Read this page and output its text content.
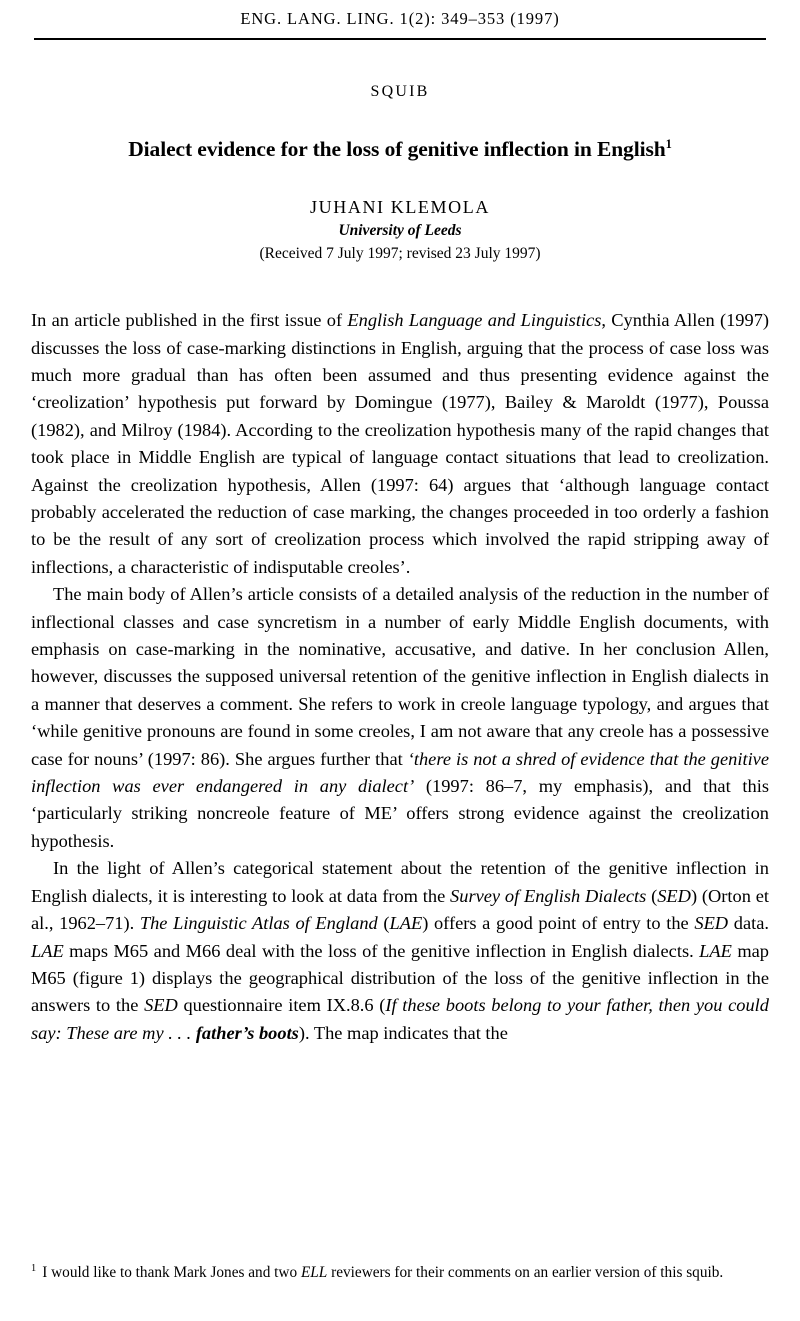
ENG. LANG. LING. 1(2): 349–353 (1997)
SQUIB
Dialect evidence for the loss of genitive inflection in English$^1$
JUHANI KLEMOLA
University of Leeds
(Received 7 July 1997; revised 23 July 1997)

In an article published in the first issue of English Language and Linguistics, Cynthia Allen (1997) discusses the loss of case-marking distinctions in English, arguing that the process of case loss was much more gradual than has often been assumed and thus presenting evidence against the ‘creolization’ hypothesis put forward by Domingue (1977), Bailey & Maroldt (1977), Poussa (1982), and Milroy (1984). According to the creolization hypothesis many of the rapid changes that took place in Middle English are typical of language contact situations that lead to creolization. Against the creolization hypothesis, Allen (1997: 64) argues that ‘although language contact probably accelerated the reduction of case marking, the changes proceeded in too orderly a fashion to be the result of any sort of creolization process which involved the rapid stripping away of inflections, a characteristic of indisputable creoles’.

The main body of Allen’s article consists of a detailed analysis of the reduction in the number of inflectional classes and case syncretism in a number of early Middle English documents, with emphasis on case-marking in the nominative, accusative, and dative. In her conclusion Allen, however, discusses the supposed universal retention of the genitive inflection in English dialects in a manner that deserves a comment. She refers to work in creole language typology, and argues that ‘while genitive pronouns are found in some creoles, I am not aware that any creole has a possessive case for nouns’ (1997: 86). She argues further that ‘there is not a shred of evidence that the genitive inflection was ever endangered in any dialect’ (1997: 86–7, my emphasis), and that this ‘particularly striking noncreole feature of ME’ offers strong evidence against the creolization hypothesis.

In the light of Allen’s categorical statement about the retention of the genitive inflection in English dialects, it is interesting to look at data from the Survey of English Dialects (SED) (Orton et al., 1962–71). The Linguistic Atlas of England (LAE) offers a good point of entry to the SED data. LAE maps M65 and M66 deal with the loss of the genitive inflection in English dialects. LAE map M65 (figure 1) displays the geographical distribution of the loss of the genitive inflection in the answers to the SED questionnaire item IX.8.6 (If these boots belong to your father, then you could say: These are my . . . father’s boots). The map indicates that the

$^1$ I would like to thank Mark Jones and two ELL reviewers for their comments on an earlier version of this squib.
